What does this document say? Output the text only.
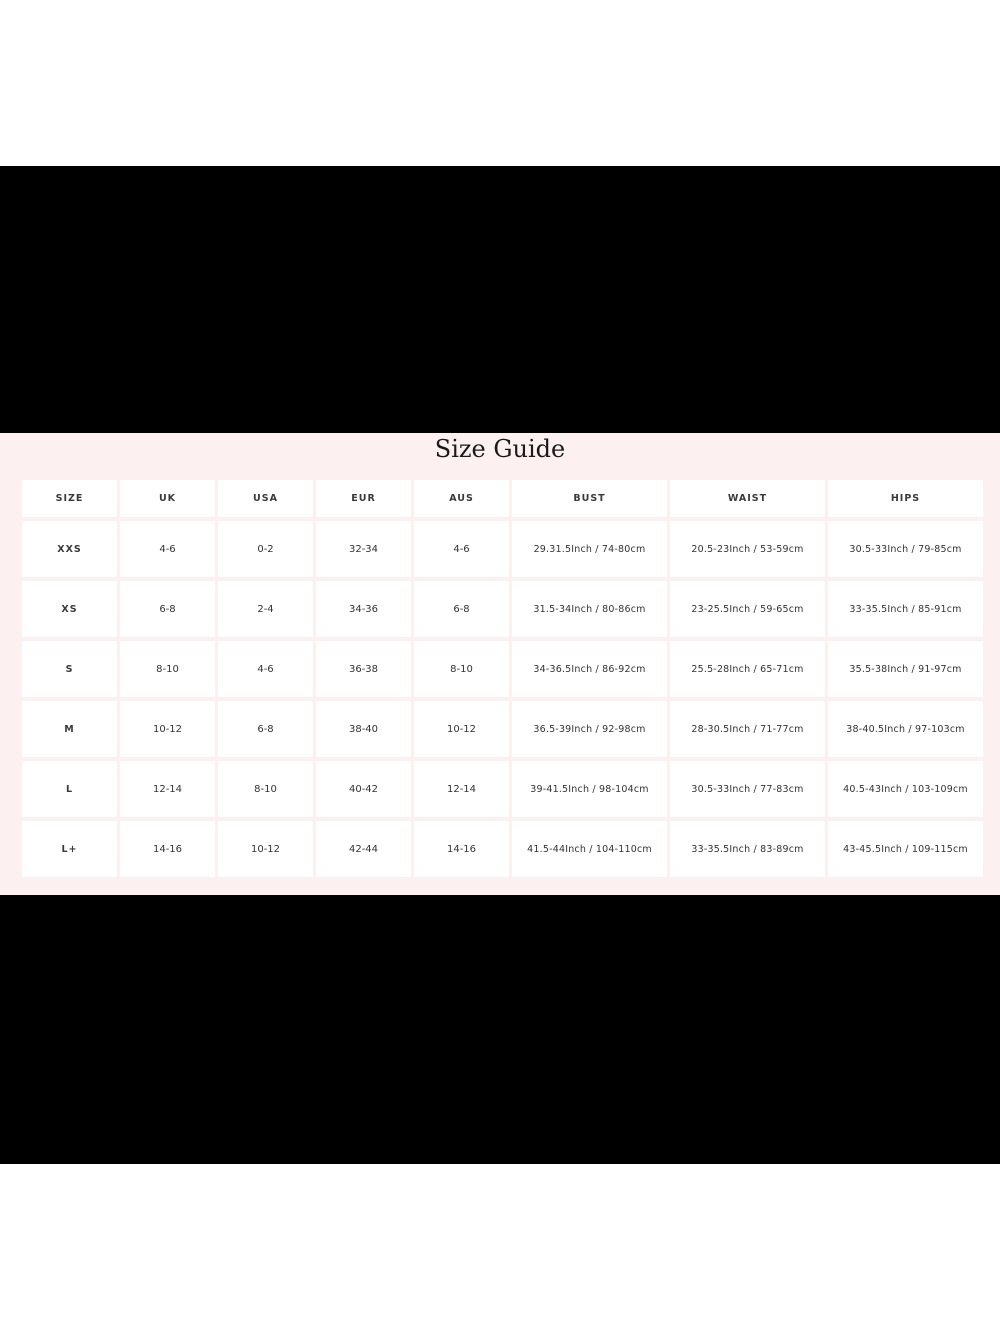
Size Guide
SIZE	UK	USA	EUR	AUS	BUST	WAIST	HIPS
XXS	4-6	0-2	32-34	4-6	29.31.5Inch / 74-80cm	20.5-23Inch / 53-59cm	30.5-33Inch / 79-85cm
XS	6-8	2-4	34-36	6-8	31.5-34Inch / 80-86cm	23-25.5Inch / 59-65cm	33-35.5Inch / 85-91cm
S	8-10	4-6	36-38	8-10	34-36.5Inch / 86-92cm	25.5-28Inch / 65-71cm	35.5-38Inch / 91-97cm
M	10-12	6-8	38-40	10-12	36.5-39Inch / 92-98cm	28-30.5Inch / 71-77cm	38-40.5Inch / 97-103cm
L	12-14	8-10	40-42	12-14	39-41.5Inch / 98-104cm	30.5-33Inch / 77-83cm	40.5-43Inch / 103-109cm
L+	14-16	10-12	42-44	14-16	41.5-44Inch / 104-110cm	33-35.5Inch / 83-89cm	43-45.5Inch / 109-115cm
